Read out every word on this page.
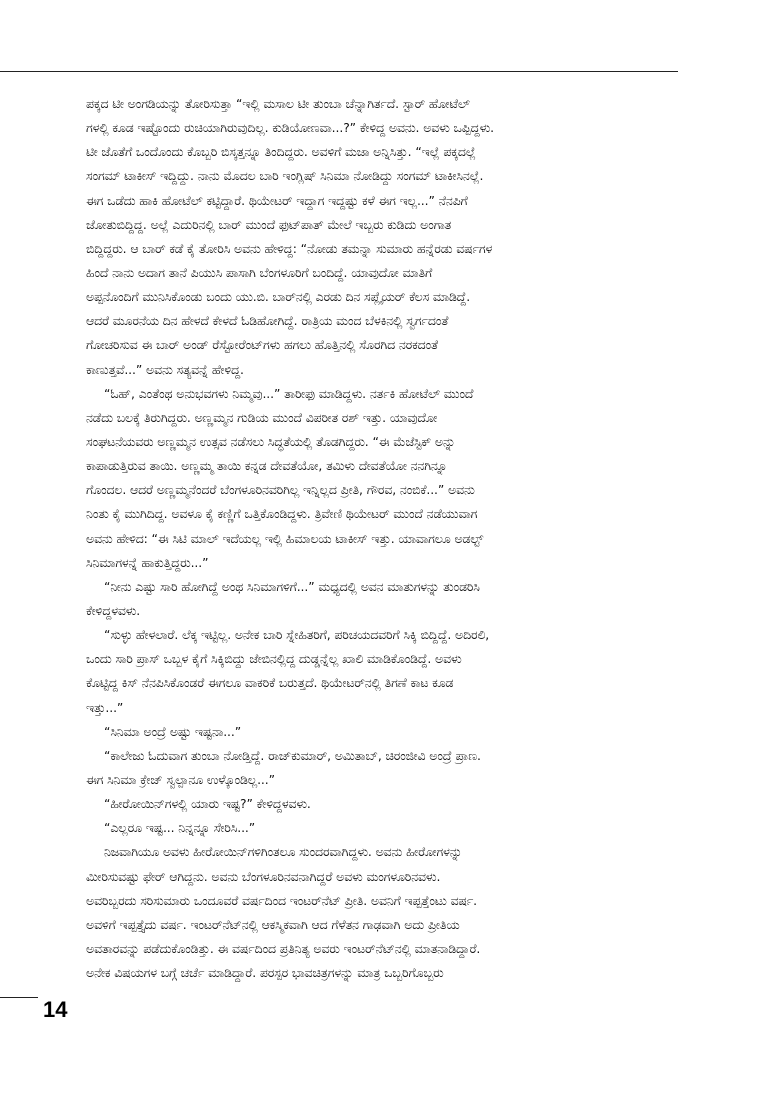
ಪಕ್ಕದ ಟೀ ಅಂಗಡಿಯನ್ನು ತೋರಿಸುತ್ತಾ “ಇಲ್ಲಿ ಮಸಾಲ ಟೀ ತುಂಬಾ ಚೆನ್ನಾಗಿರ್ತದೆ. ಸ್ಟಾರ್ ಹೋಟೆಲ್
ಗಳಲ್ಲಿ ಕೂಡ ಇಷ್ಟೊಂದು ರುಚಿಯಾಗಿರುವುದಿಲ್ಲ. ಕುಡಿಯೋಣವಾ...?” ಕೇಳಿದ್ದ ಅವನು. ಅವಳು ಒಪ್ಪಿದ್ದಳು.
ಟೀ ಜೊತೆಗೆ ಒಂದೊಂದು ಕೊಬ್ಬರಿ ಬಿಸ್ಕತ್ತನ್ನೂ ತಿಂದಿದ್ದರು. ಅವಳಿಗೆ ಮಜಾ ಅನ್ನಿಸಿತ್ತು. “ಇಲ್ಲೆ ಪಕ್ಕದಲ್ಲೆ
ಸಂಗಮ್ ಟಾಕೀಸ್ ಇದ್ದಿದ್ದು. ನಾನು ಮೊದಲ ಬಾರಿ ಇಂಗ್ಲಿಷ್ ಸಿನಿಮಾ ನೋಡಿದ್ದು ಸಂಗಮ್ ಟಾಕೀಸಿನಲ್ಲೆ.
ಈಗ ಒಡೆದು ಹಾಕಿ ಹೋಟೆಲ್ ಕಟ್ಟಿದ್ದಾರೆ. ಥಿಯೇಟರ್ ಇದ್ದಾಗ ಇದ್ದಷ್ಟು ಕಳೆ ಈಗ ಇಲ್ಲ...” ನೆನಪಿಗೆ
ಜೋತುಬಿದ್ದಿದ್ದ. ಅಲ್ಲೆ ಎದುರಿನಲ್ಲಿ ಬಾರ್ ಮುಂದೆ ಫುಟ್‌ಪಾತ್ ಮೇಲೆ ಇಬ್ಬರು ಕುಡಿದು ಅಂಗಾತ
ಬಿದ್ದಿದ್ದರು. ಆ ಬಾರ್ ಕಡೆ ಕೈ ತೋರಿಸಿ ಅವನು ಹೇಳಿದ್ದ: “ನೋಡು ತಮನ್ನಾ ಸುಮಾರು ಹನ್ನೆರಡು ವರ್ಷಗಳ
ಹಿಂದೆ ನಾನು ಅದಾಗ ತಾನೆ ಪಿಯುಸಿ ಪಾಸಾಗಿ ಬೆಂಗಳೂರಿಗೆ ಬಂದಿದ್ದೆ. ಯಾವುದೋ ಮಾತಿಗೆ
ಅಪ್ಪನೊಂದಿಗೆ ಮುನಿಸಿಕೊಂಡು ಬಂದು ಯು.ಬಿ. ಬಾರ್‌ನಲ್ಲಿ ಎರಡು ದಿನ ಸಪ್ಲೈಯರ್ ಕೆಲಸ ಮಾಡಿದ್ದೆ.
ಆದರೆ ಮೂರನೆಯ ದಿನ ಹೇಳದೆ ಕೇಳದೆ ಓಡಿಹೋಗಿದ್ದೆ. ರಾತ್ರಿಯ ಮಂದ ಬೆಳಕಿನಲ್ಲಿ ಸ್ವರ್ಗದಂತೆ
ಗೋಚರಿಸುವ ಈ ಬಾರ್ ಅಂಡ್ ರೆಸ್ಟೋರೆಂಟ್‌ಗಳು ಹಗಲು ಹೊತ್ತಿನಲ್ಲಿ ಸೊರಗಿದ ನರಕದಂತೆ
ಕಾಣುತ್ತವೆ...” ಅವನು ಸತ್ಯವನ್ನೆ ಹೇಳಿದ್ದ.
“ಓಹ್, ಎಂತೆಂಥ ಅನುಭವಗಳು ನಿಮ್ಮವು...” ತಾರೀಫು ಮಾಡಿದ್ದಳು. ನರ್ತಕಿ ಹೋಟೆಲ್ ಮುಂದೆ
ನಡೆದು ಬಲಕ್ಕೆ ತಿರುಗಿದ್ದರು. ಅಣ್ಣಮ್ಮನ ಗುಡಿಯ ಮುಂದೆ ವಿಪರೀತ ರಶ್ ಇತ್ತು. ಯಾವುದೋ
ಸಂಘಟನೆಯವರು ಅಣ್ಣಮ್ಮನ ಉತ್ಸವ ನಡೆಸಲು ಸಿದ್ಧತೆಯಲ್ಲಿ ತೊಡಗಿದ್ದರು. “ಈ ಮೆಜೆಸ್ಟಿಕ್ ಅನ್ನು
ಕಾಪಾಡುತ್ತಿರುವ ತಾಯಿ. ಅಣ್ಣಮ್ಮ ತಾಯಿ ಕನ್ನಡ ದೇವತೆಯೋ, ತಮಿಳು ದೇವತೆಯೋ ನನಗಿನ್ನೂ
ಗೊಂದಲ. ಆದರೆ ಅಣ್ಣಮ್ಮನೆಂದರೆ ಬೆಂಗಳೂರಿನವರಿಗಿಲ್ಲ ಇನ್ನಿಲ್ಲದ ಪ್ರೀತಿ, ಗೌರವ, ನಂಬಿಕೆ...” ಅವನು
ನಿಂತು ಕೈ ಮುಗಿದಿದ್ದ. ಅವಳೂ ಕೈ ಕಣ್ಣಿಗೆ ಒತ್ತಿಕೊಂಡಿದ್ದಳು. ತ್ರಿವೇಣಿ ಥಿಯೇಟರ್ ಮುಂದೆ ನಡೆಯುವಾಗ
ಅವನು ಹೇಳಿದ: “ಈ ಸಿಟಿ ಮಾಲ್ ಇದೆಯಲ್ಲ ಇಲ್ಲಿ ಹಿಮಾಲಯ ಟಾಕೀಸ್ ಇತ್ತು. ಯಾವಾಗಲೂ ಅಡಲ್ಟ್
ಸಿನಿಮಾಗಳನ್ನೆ ಹಾಕುತ್ತಿದ್ದರು...”
“ನೀನು ಎಷ್ಟು ಸಾರಿ ಹೋಗಿದ್ದೆ ಅಂಥ ಸಿನಿಮಾಗಳಿಗೆ...” ಮಧ್ಯದಲ್ಲಿ ಅವನ ಮಾತುಗಳನ್ನು ತುಂಡರಿಸಿ
ಕೇಳಿದ್ದಳವಳು.
“ಸುಳ್ಳು ಹೇಳಲಾರೆ. ಲೆಕ್ಕ ಇಟ್ಟಿಲ್ಲ. ಅನೇಕ ಬಾರಿ ಸ್ನೇಹಿತರಿಗೆ, ಪರಿಚಯದವರಿಗೆ ಸಿಕ್ಕಿ ಬಿದ್ದಿದ್ದೆ. ಅದಿರಲಿ,
ಒಂದು ಸಾರಿ ಪ್ರಾಸ್ ಒಬ್ಬಳ ಕೈಗೆ ಸಿಕ್ಕಿಬಿದ್ದು ಜೇಬಿನಲ್ಲಿದ್ದ ದುಡ್ಡನ್ನೆಲ್ಲ ಖಾಲಿ ಮಾಡಿಕೊಂಡಿದ್ದೆ. ಅವಳು
ಕೊಟ್ಟಿದ್ದ ಕಿಸ್ ನೆನಪಿಸಿಕೊಂಡರೆ ಈಗಲೂ ವಾಕರಿಕೆ ಬರುತ್ತದೆ. ಥಿಯೇಟರ್‌ನಲ್ಲಿ ತಿಗಣೆ ಕಾಟ ಕೂಡ
ಇತ್ತು...”
“ಸಿನಿಮಾ ಅಂದ್ರೆ ಅಷ್ಟು ಇಷ್ಟನಾ...”
“ಕಾಲೇಜು ಓದುವಾಗ ತುಂಬಾ ನೋಡ್ತಿದ್ದೆ. ರಾಜ್‌ಕುಮಾರ್, ಅಮಿತಾಬ್, ಚಿರಂಜೀವಿ ಅಂದ್ರೆ ಪ್ರಾಣ.
ಈಗ ಸಿನಿಮಾ ಕ್ರೇಜ್ ಸ್ವಲ್ಪಾನೂ ಉಳ್ಕೊಂಡಿಲ್ಲ...”
“ಹೀರೋಯಿನ್‌ಗಳಲ್ಲಿ ಯಾರು ಇಷ್ಟ?” ಕೇಳಿದ್ದಳವಳು.
“ಎಲ್ಲರೂ ಇಷ್ಟ... ನಿನ್ನನ್ನೂ ಸೇರಿಸಿ...”
ನಿಜವಾಗಿಯೂ ಅವಳು ಹೀರೋಯಿನ್‌ಗಳಿಗಿಂತಲೂ ಸುಂದರವಾಗಿದ್ದಳು. ಅವನು ಹೀರೋಗಳನ್ನು
ಮೀರಿಸುವಷ್ಟು ಫೇರ್ ಆಗಿದ್ದನು. ಅವನು ಬೆಂಗಳೂರಿನವನಾಗಿದ್ದರೆ ಅವಳು ಮಂಗಳೂರಿನವಳು.
ಅವರಿಬ್ಬರದು ಸರಿಸುಮಾರು ಒಂದೂವರೆ ವರ್ಷದಿಂದ ಇಂಟರ್‌ನೆಟ್ ಪ್ರೀತಿ. ಅವನಿಗೆ ಇಪ್ಪತ್ತೆಂಟು ವರ್ಷ.
ಅವಳಿಗೆ ಇಪ್ಪತ್ತೈದು ವರ್ಷ. ಇಂಟರ್‌ನೆಟ್‌ನಲ್ಲಿ ಆಕಸ್ಮಿಕವಾಗಿ ಆದ ಗೆಳೆತನ ಗಾಢವಾಗಿ ಅದು ಪ್ರೀತಿಯ
ಅವತಾರವನ್ನು ಪಡೆದುಕೊಂಡಿತ್ತು. ಈ ವರ್ಷದಿಂದ ಪ್ರತಿನಿತ್ಯ ಅವರು ಇಂಟರ್‌ನೆಟ್‌ನಲ್ಲಿ ಮಾತನಾಡಿದ್ದಾರೆ.
ಅನೇಕ ವಿಷಯಗಳ ಬಗ್ಗೆ ಚರ್ಚೆ ಮಾಡಿದ್ದಾರೆ. ಪರಸ್ಪರ ಭಾವಚಿತ್ರಗಳನ್ನು ಮಾತ್ರ ಒಬ್ಬರಿಗೊಬ್ಬರು
14
